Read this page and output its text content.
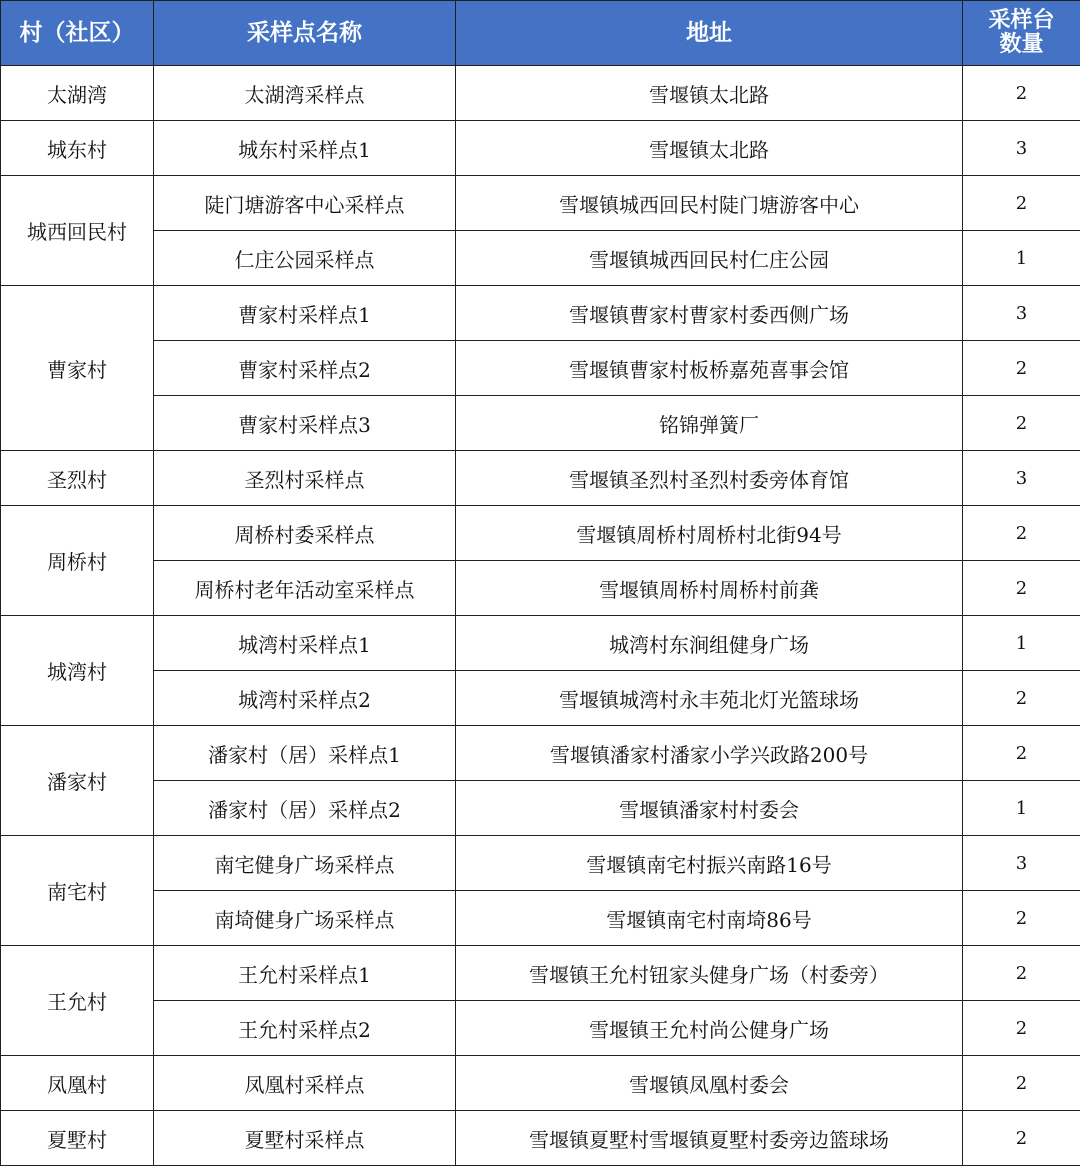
村（社区）	采样点名称	地址	采样台
数量
太湖湾	太湖湾采样点	雪堰镇太北路	2
城东村	城东村采样点1	雪堰镇太北路	3
城西回民村	陡门塘游客中心采样点	雪堰镇城西回民村陡门塘游客中心	2
	仁庄公园采样点	雪堰镇城西回民村仁庄公园	1
曹家村	曹家村采样点1	雪堰镇曹家村曹家村委西侧广场	3
	曹家村采样点2	雪堰镇曹家村板桥嘉苑喜事会馆	2
	曹家村采样点3	铭锦弹簧厂	2
圣烈村	圣烈村采样点	雪堰镇圣烈村圣烈村委旁体育馆	3
周桥村	周桥村委采样点	雪堰镇周桥村周桥村北街94号	2
	周桥村老年活动室采样点	雪堰镇周桥村周桥村前龚	2
城湾村	城湾村采样点1	城湾村东涧组健身广场	1
	城湾村采样点2	雪堰镇城湾村永丰苑北灯光篮球场	2
潘家村	潘家村（居）采样点1	雪堰镇潘家村潘家小学兴政路200号	2
	潘家村（居）采样点2	雪堰镇潘家村村委会	1
南宅村	南宅健身广场采样点	雪堰镇南宅村振兴南路16号	3
	南埼健身广场采样点	雪堰镇南宅村南埼86号	2
王允村	王允村采样点1	雪堰镇王允村钮家头健身广场（村委旁）	2
	王允村采样点2	雪堰镇王允村尚公健身广场	2
凤凰村	凤凰村采样点	雪堰镇凤凰村委会	2
夏墅村	夏墅村采样点	雪堰镇夏墅村雪堰镇夏墅村委旁边篮球场	2
